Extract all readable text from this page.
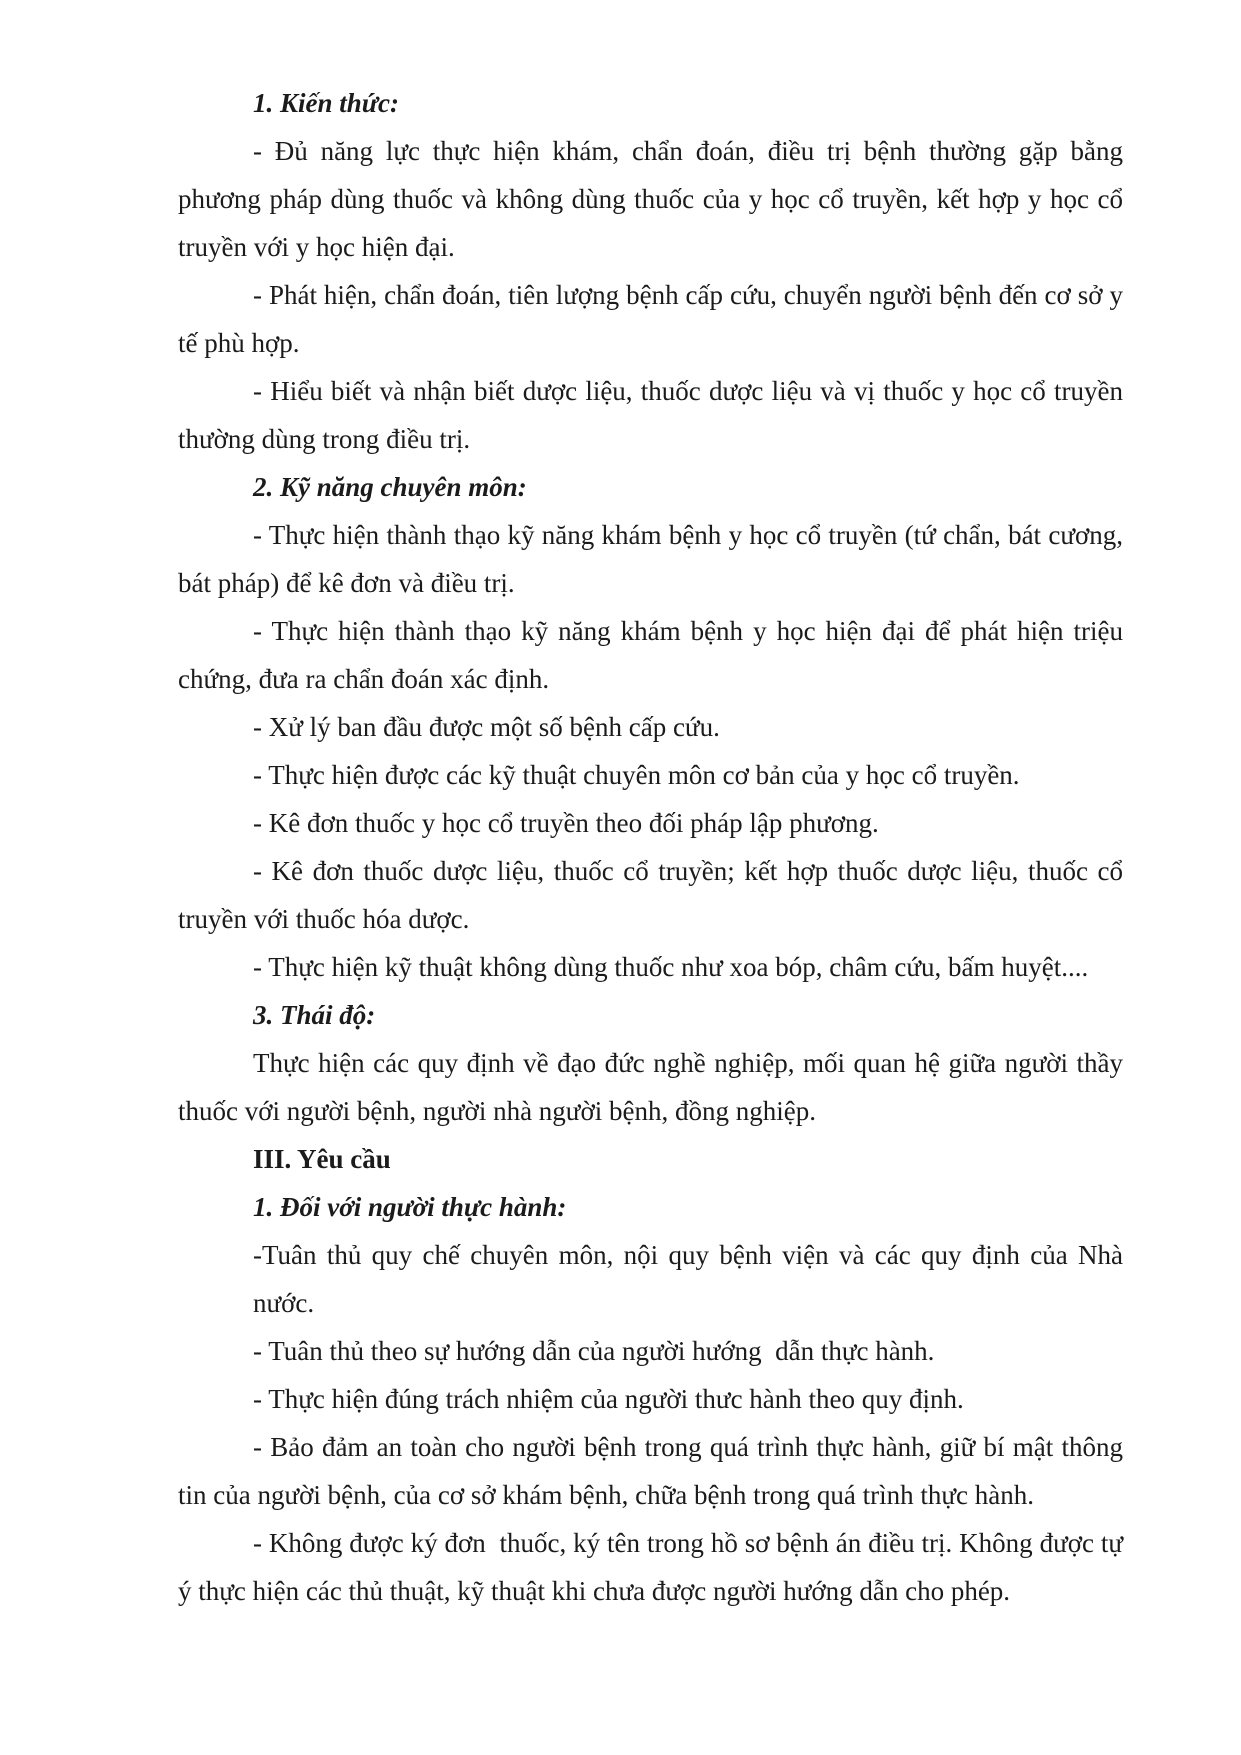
1. Kiến thức:

- Đủ năng lực thực hiện khám, chẩn đoán, điều trị bệnh thường gặp bằng phương pháp dùng thuốc và không dùng thuốc của y học cổ truyền, kết hợp y học cổ truyền với y học hiện đại.

- Phát hiện, chẩn đoán, tiên lượng bệnh cấp cứu, chuyển người bệnh đến cơ sở y tế phù hợp.

- Hiểu biết và nhận biết dược liệu, thuốc dược liệu và vị thuốc y học cổ truyền thường dùng trong điều trị.

2. Kỹ năng chuyên môn:

- Thực hiện thành thạo kỹ năng khám bệnh y học cổ truyền (tứ chẩn, bát cương, bát pháp) để kê đơn và điều trị.

- Thực hiện thành thạo kỹ năng khám bệnh y học hiện đại để phát hiện triệu chứng, đưa ra chẩn đoán xác định.

- Xử lý ban đầu được một số bệnh cấp cứu.

- Thực hiện được các kỹ thuật chuyên môn cơ bản của y học cổ truyền.

- Kê đơn thuốc y học cổ truyền theo đối pháp lập phương.

- Kê đơn thuốc dược liệu, thuốc cổ truyền; kết hợp thuốc dược liệu, thuốc cổ truyền với thuốc hóa dược.

- Thực hiện kỹ thuật không dùng thuốc như xoa bóp, châm cứu, bấm huyệt....

3. Thái độ:

Thực hiện các quy định về đạo đức nghề nghiệp, mối quan hệ giữa người thầy thuốc với người bệnh, người nhà người bệnh, đồng nghiệp.

III. Yêu cầu
1. Đối với người thực hành:

-Tuân thủ quy chế chuyên môn, nội quy bệnh viện và các quy định của Nhà nước.

- Tuân thủ theo sự hướng dẫn của người hướng  dẫn thực hành.

- Thực hiện đúng trách nhiệm của người thưc hành theo quy định.

- Bảo đảm an toàn cho người bệnh trong quá trình thực hành, giữ bí mật thông tin của người bệnh, của cơ sở khám bệnh, chữa bệnh trong quá trình thực hành.

- Không được ký đơn  thuốc, ký tên trong hồ sơ bệnh án điều trị. Không được tự ý thực hiện các thủ thuật, kỹ thuật khi chưa được người hướng dẫn cho phép.
